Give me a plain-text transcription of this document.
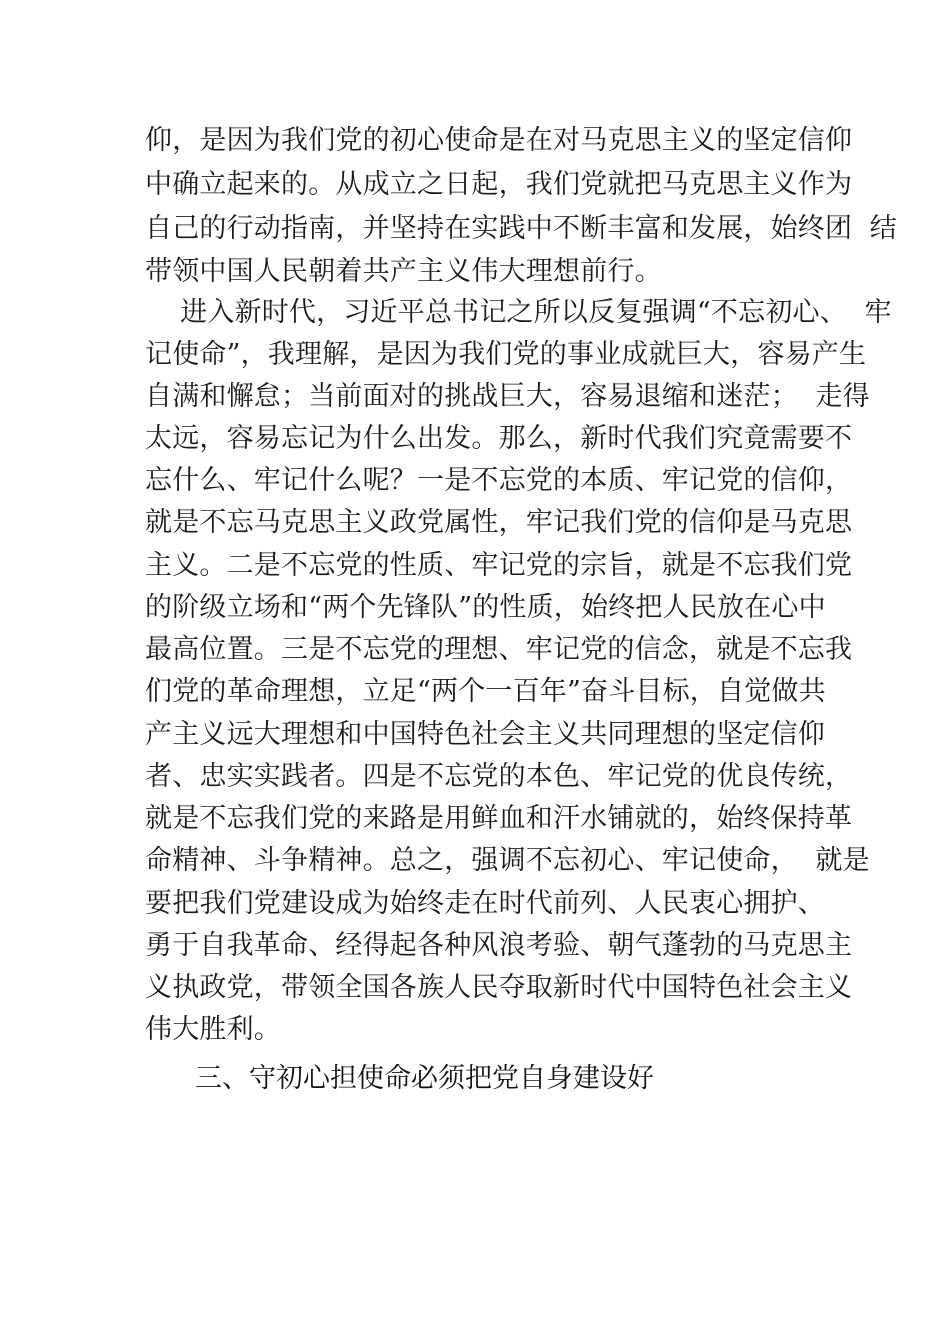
仰，是因为我们党的初心使命是在对马克思主义的坚定信仰
中确立起来的。从成立之日起，我们党就把马克思主义作为
自己的行动指南，并坚持在实践中不断丰富和发展，始终团  结
带领中国人民朝着共产主义伟大理想前行。
进入新时代，习近平总书记之所以反复强调“不忘初心、  牢
记使命”，我理解，是因为我们党的事业成就巨大，容易产生
自满和懈怠；当前面对的挑战巨大，容易退缩和迷茫；  走得
太远，容易忘记为什么出发。那么，新时代我们究竟需要不
忘什么、牢记什么呢？一是不忘党的本质、牢记党的信仰，
就是不忘马克思主义政党属性，牢记我们党的信仰是马克思
主义。二是不忘党的性质、牢记党的宗旨，就是不忘我们党
的阶级立场和“两个先锋队”的性质，始终把人民放在心中
最高位置。三是不忘党的理想、牢记党的信念，就是不忘我
们党的革命理想，立足“两个一百年”奋斗目标，自觉做共
产主义远大理想和中国特色社会主义共同理想的坚定信仰
者、忠实实践者。四是不忘党的本色、牢记党的优良传统，
就是不忘我们党的来路是用鲜血和汗水铺就的，始终保持革
命精神、斗争精神。总之，强调不忘初心、牢记使命，  就是
要把我们党建设成为始终走在时代前列、人民衷心拥护、
勇于自我革命、经得起各种风浪考验、朝气蓬勃的马克思主
义执政党，带领全国各族人民夺取新时代中国特色社会主义
伟大胜利。
三、守初心担使命必须把党自身建设好
